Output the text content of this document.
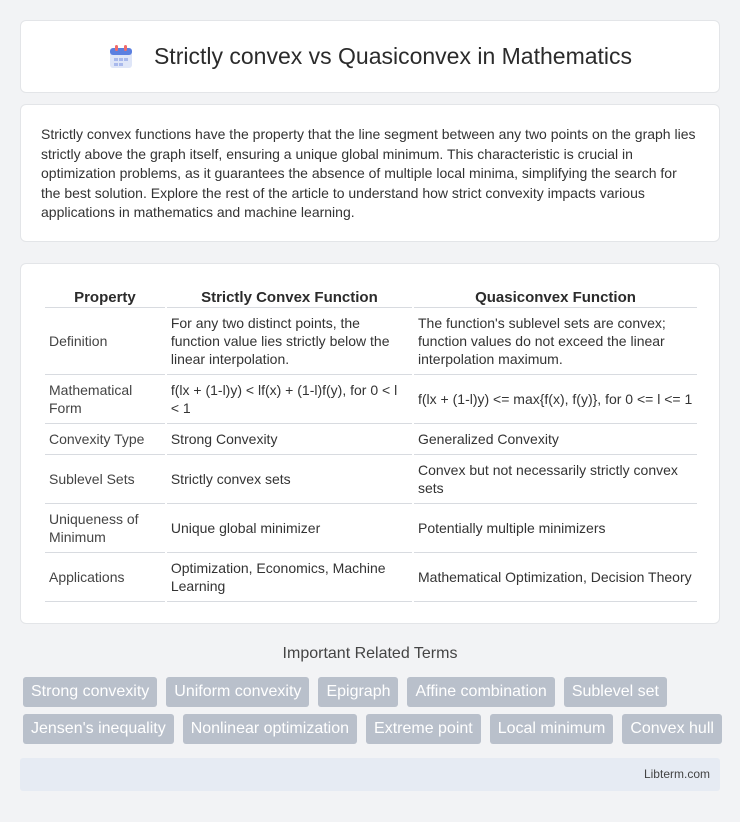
Strictly convex vs Quasiconvex in Mathematics

Strictly convex functions have the property that the line segment between any two points on the graph lies strictly above the graph itself, ensuring a unique global minimum. This characteristic is crucial in optimization problems, as it guarantees the absence of multiple local minima, simplifying the search for the best solution. Explore the rest of the article to understand how strict convexity impacts various applications in mathematics and machine learning.

Property	Strictly Convex Function	Quasiconvex Function
Definition	For any two distinct points, the function value lies strictly below the linear interpolation.	The function's sublevel sets are convex; function values do not exceed the linear interpolation maximum.
Mathematical Form	f(lx + (1-l)y) < lf(x) + (1-l)f(y), for 0 < l < 1	f(lx + (1-l)y) <= max{f(x), f(y)}, for 0 <= l <= 1
Convexity Type	Strong Convexity	Generalized Convexity
Sublevel Sets	Strictly convex sets	Convex but not necessarily strictly convex sets
Uniqueness of Minimum	Unique global minimizer	Potentially multiple minimizers
Applications	Optimization, Economics, Machine Learning	Mathematical Optimization, Decision Theory
Important Related Terms
Strong convexity	Uniform convexity	Epigraph	Affine combination	Sublevel set
Jensen's inequality	Nonlinear optimization	Extreme point	Local minimum	Convex hull
Libterm.com
